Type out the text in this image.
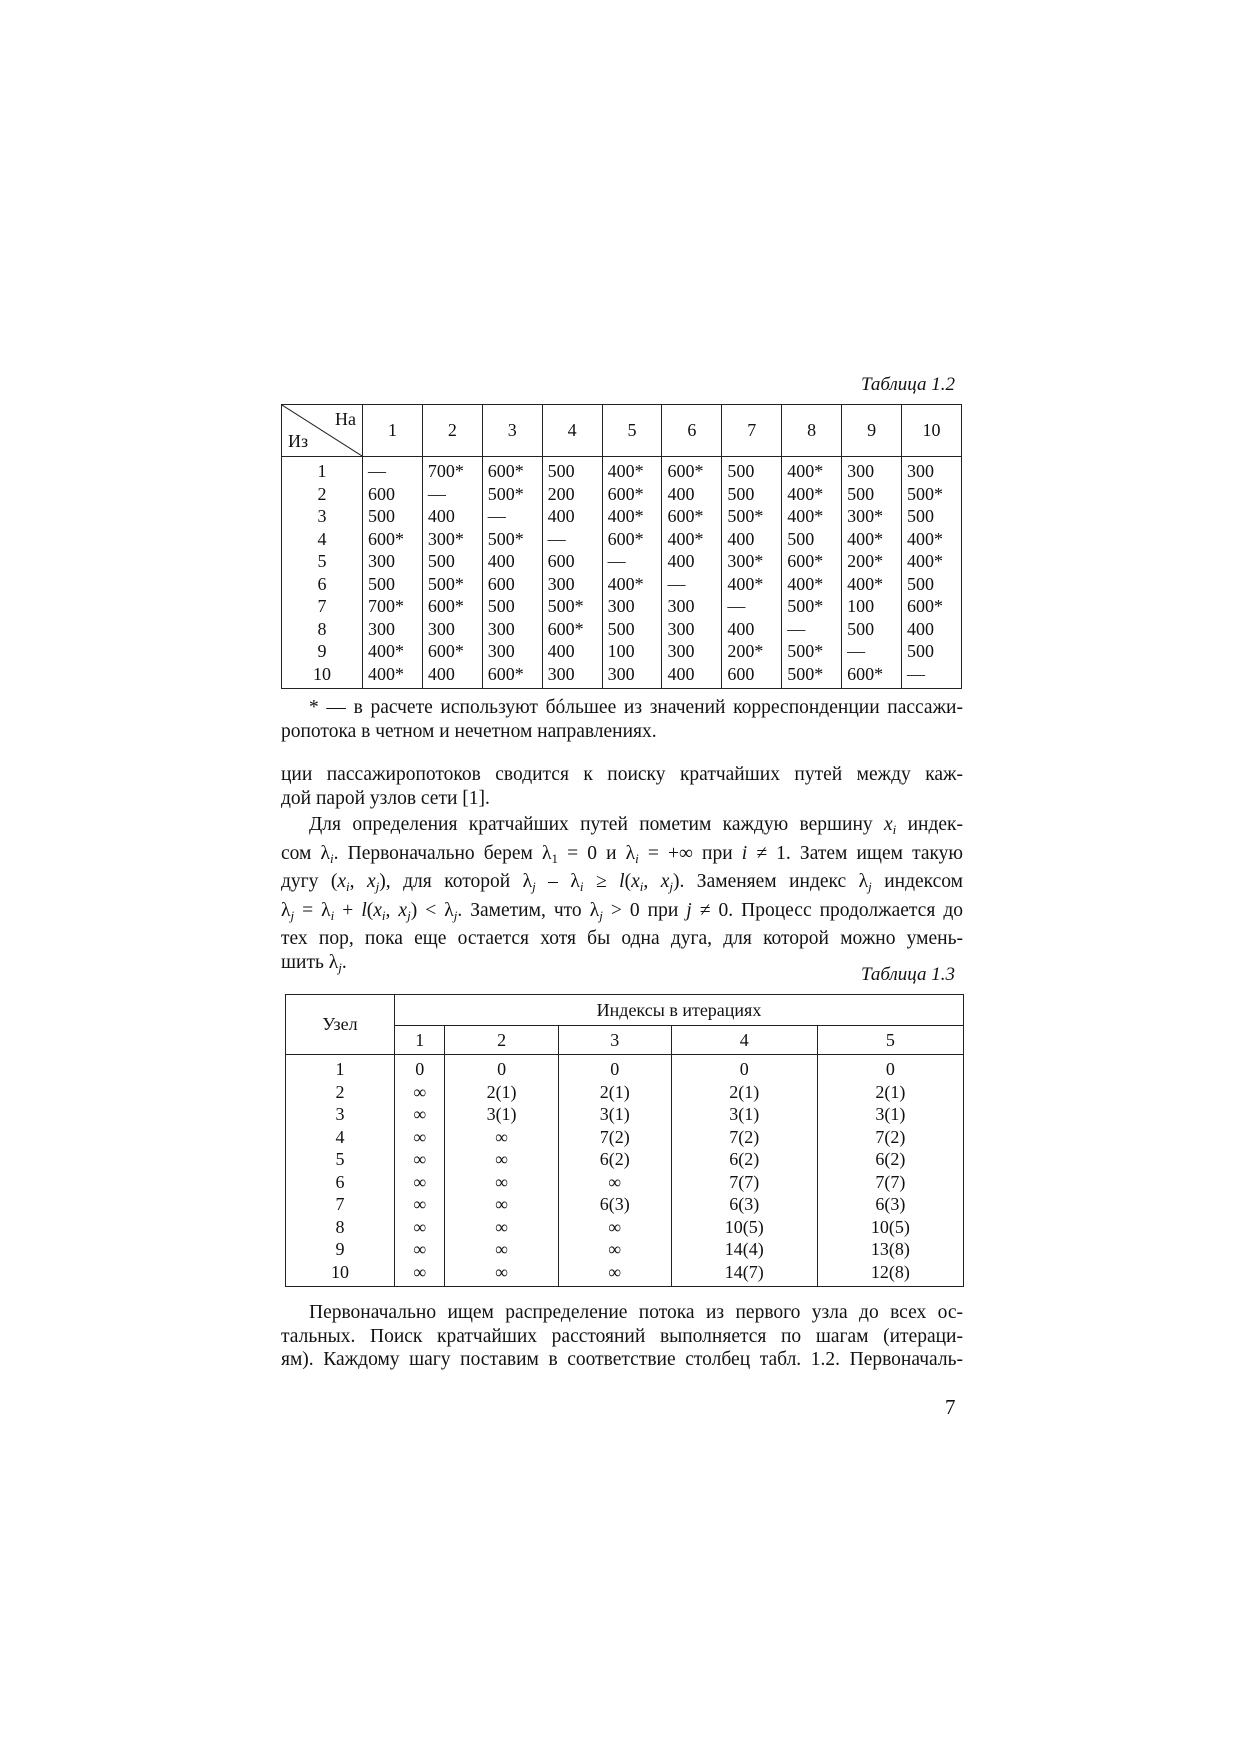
Таблица 1.2
На
Из	1	2	3	4	5	6	7	8	9	10
1	—	700*	600*	500	400*	600*	500	400*	300	300
2	600	—	500*	200	600*	400	500	400*	500	500*
3	500	400	—	400	400*	600*	500*	400*	300*	500
4	600*	300*	500*	—	600*	400*	400	500	400*	400*
5	300	500	400	600	—	400	300*	600*	200*	400*
6	500	500*	600	300	400*	—	400*	400*	400*	500
7	700*	600*	500	500*	300	300	—	500*	100	600*
8	300	300	300	600*	500	300	400	—	500	400
9	400*	600*	300	400	100	300	200*	500*	—	500
10	400*	400	600*	300	300	400	600	500*	600*	—
* — в расчете используют бóльшее из значений корреспонденции пассажи-
ропотока в четном и нечетном направлениях.
ции пассажиропотоков сводится к поиску кратчайших путей между каж-
дой парой узлов сети [1].
Для определения кратчайших путей пометим каждую вершину $x_i$ индек-
сом $\lambda_i$. Первоначально берем $\lambda_1 = 0$ и $\lambda_i$ = +∞ при i ≠ 1. Затем ищем такую
дугу ($x_i$, $x_j$), для которой $\lambda_j - \lambda_i \ge l(x_i$, $x_j$). Заменяем индекс $\lambda_j$ индексом
$\lambda_j = \lambda_i + l(x_i$, $x_j) < \lambda_j$. Заметим, что $\lambda_j > 0$ при j ≠ 0. Процесс продолжается до
тех пор, пока еще остается хотя бы одна дуга, для которой можно умень-
шить $\lambda_j$.
Таблица 1.3
Узел	Индексы в итерациях				
	1	2	3	4	5
1	0	0	0	0	0
2	∞	2(1)	2(1)	2(1)	2(1)
3	∞	3(1)	3(1)	3(1)	3(1)
4	∞	∞	7(2)	7(2)	7(2)
5	∞	∞	6(2)	6(2)	6(2)
6	∞	∞	∞	7(7)	7(7)
7	∞	∞	6(3)	6(3)	6(3)
8	∞	∞	∞	10(5)	10(5)
9	∞	∞	∞	14(4)	13(8)
10	∞	∞	∞	14(7)	12(8)
Первоначально ищем распределение потока из первого узла до всех ос-
тальных. Поиск кратчайших расстояний выполняется по шагам (итераци-
ям). Каждому шагу поставим в соответствие столбец табл. 1.2. Первоначаль-
7
